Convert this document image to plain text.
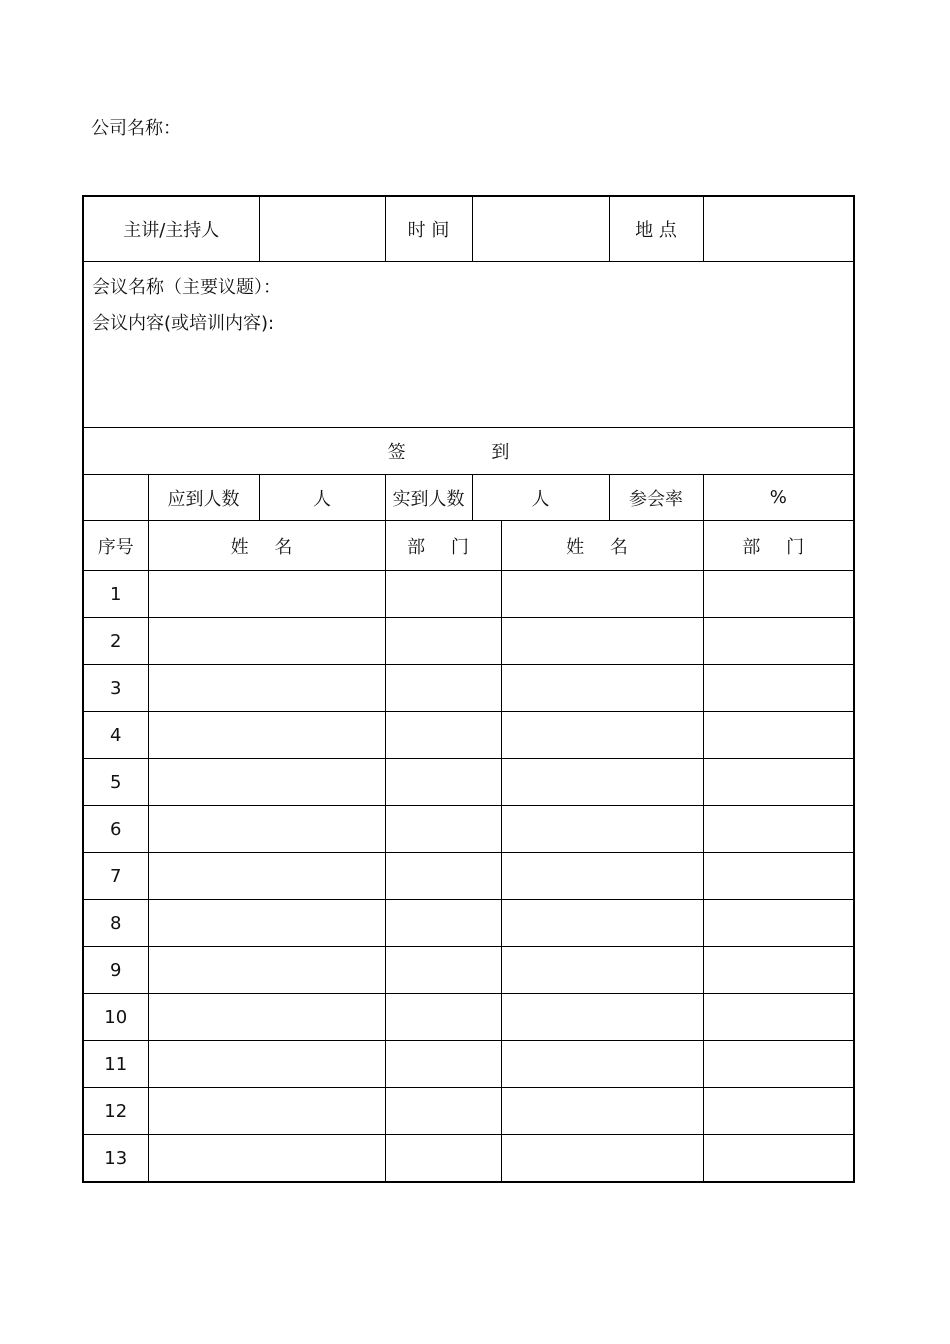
公司名称：
主讲/主持人			时 间			地 点	

会议名称（主要议题）：
会议内容(或培训内容):							

签 到							
	应到人数	人	实到人数	人		参会率	%
序号	姓 名		部 门		姓 名		部 门
1							
2							
3							
4							
5							
6							
7							
8							
9							
10							
11							
12							
13							
